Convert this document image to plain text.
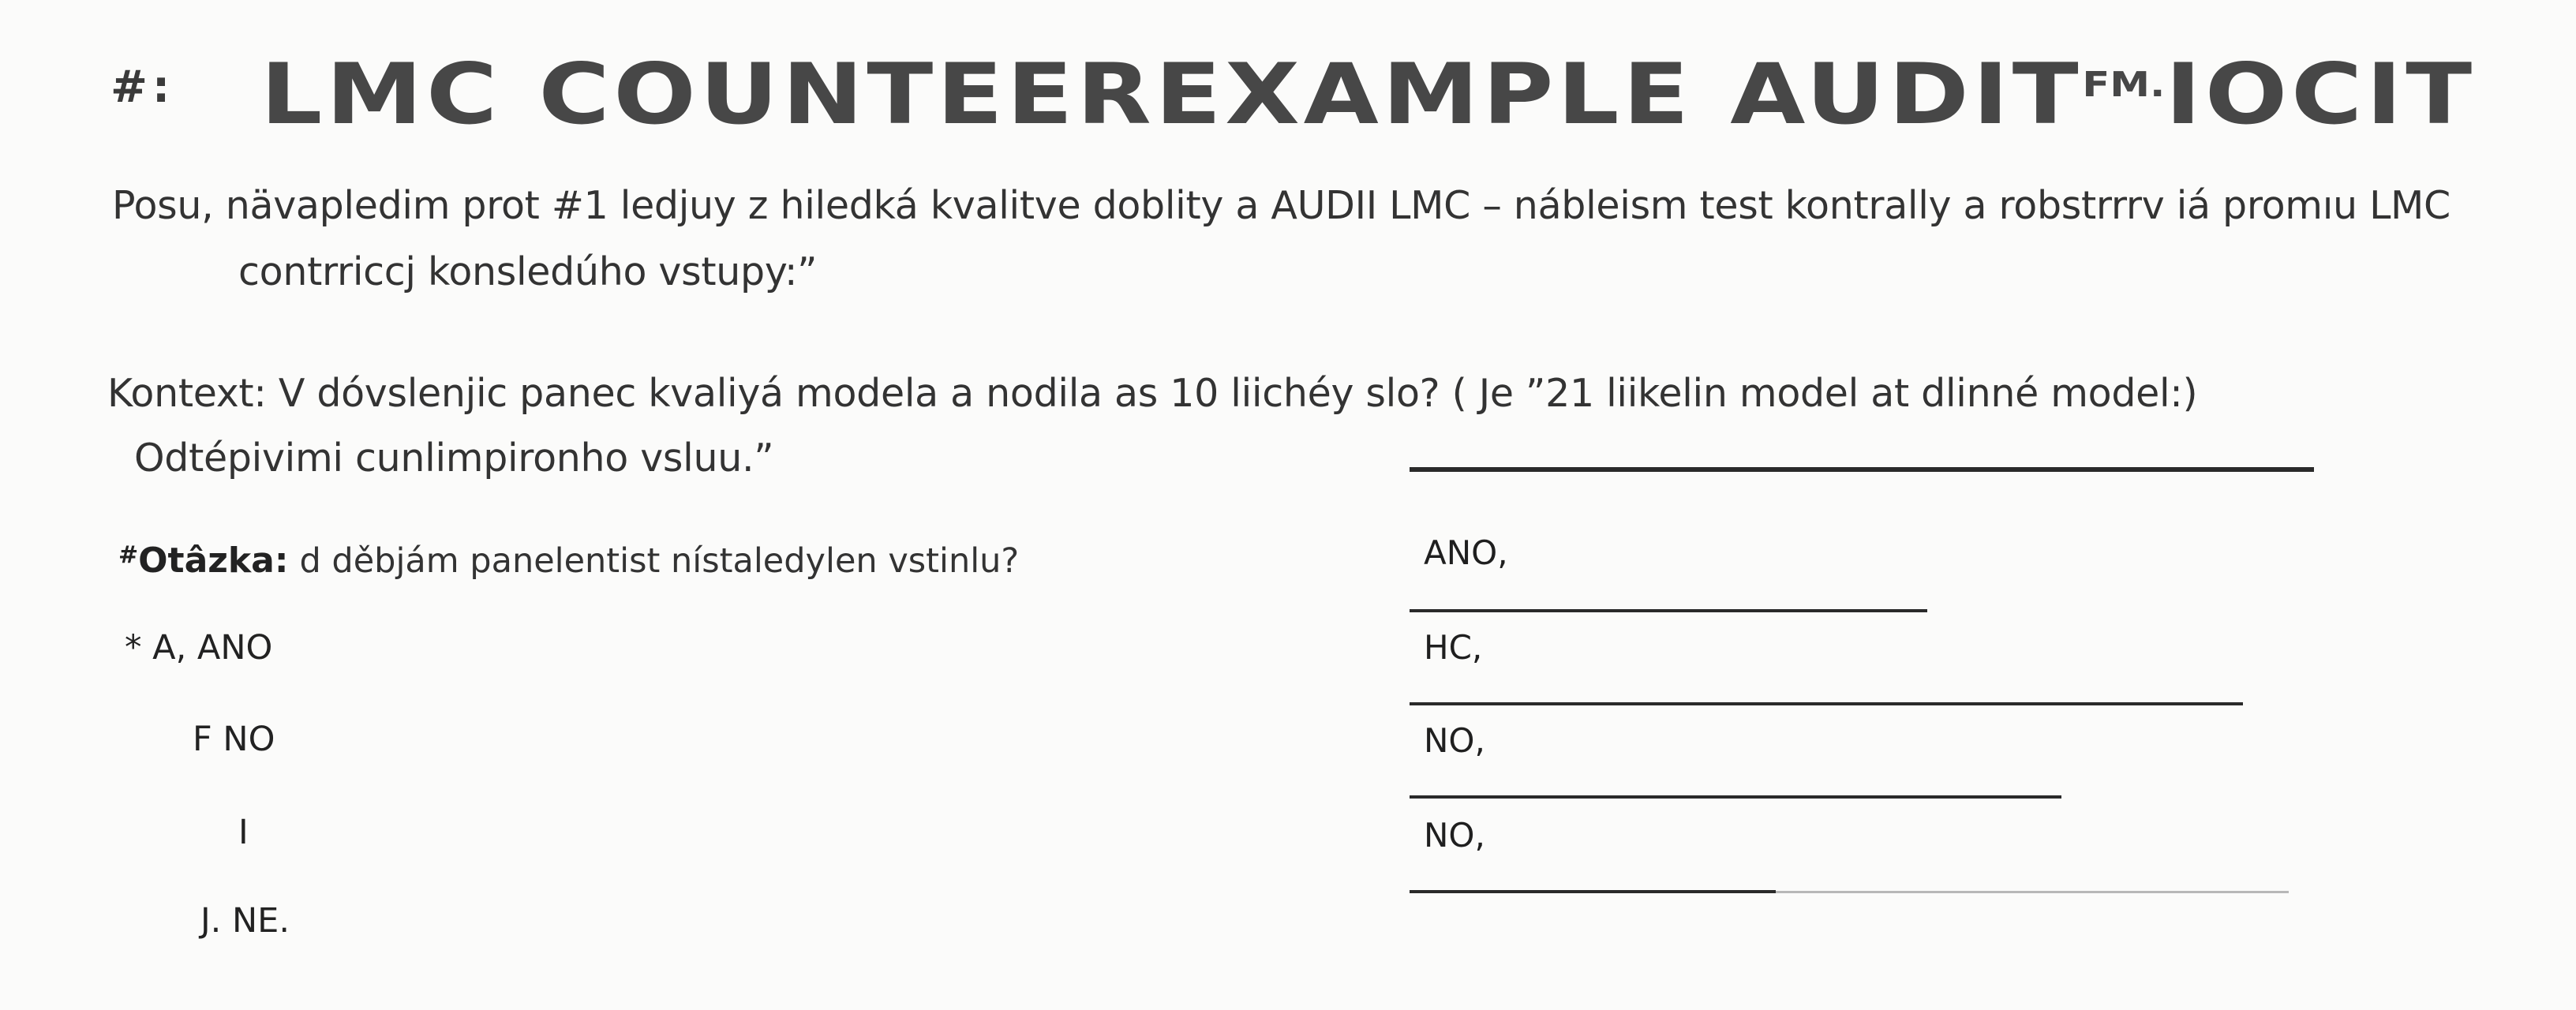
#: LMC COUNTEEREXAMPLE $AUDIT^{FM.}IOCIT$
Posu, nävapledim prot #1 ledjuy z hiledká kvalitve doblity a AUDII LMC – nábleism test kontrally a robstrrrv iá promıu LMC
contrriccj konsledúho vstupy:”
Kontext: V dóvslenjic panec kvaliyá modela a nodila as 10 liichéy slo? ( Je ”21 liikelin model at dlinné model:)
Odtépivimi cunlimpironho vsluu.”
#Otâzka: d děbjám panelentist nístaledylen vstinlu?
* A, ANO
F NO
I
J. NE.
ANO,
HC,
NO,
NO,
